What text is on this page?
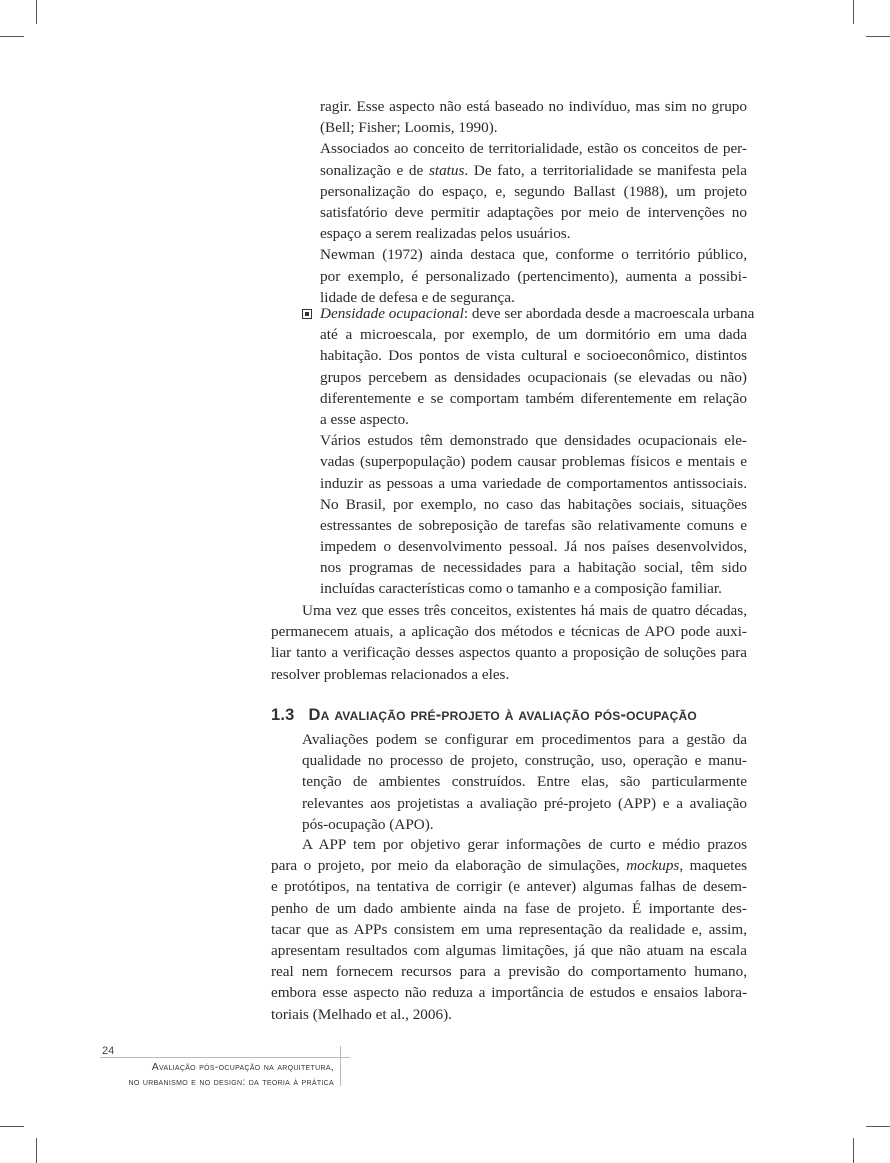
ragir. Esse aspecto não está baseado no indivíduo, mas sim no grupo
(Bell; Fisher; Loomis, 1990).
Associados ao conceito de territorialidade, estão os conceitos de per-
sonalização e de status. De fato, a territorialidade se manifesta pela
personalização do espaço, e, segundo Ballast (1988), um projeto
satisfatório deve permitir adaptações por meio de intervenções no
espaço a serem realizadas pelos usuários.
Newman (1972) ainda destaca que, conforme o território público,
por exemplo, é personalizado (pertencimento), aumenta a possibi-
lidade de defesa e de segurança.
Densidade ocupacional: deve ser abordada desde a macroescala urbana
até a microescala, por exemplo, de um dormitório em uma dada
habitação. Dos pontos de vista cultural e socioeconômico, distintos
grupos percebem as densidades ocupacionais (se elevadas ou não)
diferentemente e se comportam também diferentemente em relação
a esse aspecto.
Vários estudos têm demonstrado que densidades ocupacionais ele-
vadas (superpopulação) podem causar problemas físicos e mentais e
induzir as pessoas a uma variedade de comportamentos antissociais.
No Brasil, por exemplo, no caso das habitações sociais, situações
estressantes de sobreposição de tarefas são relativamente comuns e
impedem o desenvolvimento pessoal. Já nos países desenvolvidos,
nos programas de necessidades para a habitação social, têm sido
incluídas características como o tamanho e a composição familiar.
Uma vez que esses três conceitos, existentes há mais de quatro décadas,
permanecem atuais, a aplicação dos métodos e técnicas de APO pode auxi-
liar tanto a verificação desses aspectos quanto a proposição de soluções para
resolver problemas relacionados a eles.
1.3 Da avaliação pré-projeto à avaliação pós-ocupação
Avaliações podem se configurar em procedimentos para a gestão da
qualidade no processo de projeto, construção, uso, operação e manu-
tenção de ambientes construídos. Entre elas, são particularmente
relevantes aos projetistas a avaliação pré-projeto (APP) e a avaliação
pós-ocupação (APO).
A APP tem por objetivo gerar informações de curto e médio prazos
para o projeto, por meio da elaboração de simulações, mockups, maquetes
e protótipos, na tentativa de corrigir (e antever) algumas falhas de desem-
penho de um dado ambiente ainda na fase de projeto. É importante des-
tacar que as APPs consistem em uma representação da realidade e, assim,
apresentam resultados com algumas limitações, já que não atuam na escala
real nem fornecem recursos para a previsão do comportamento humano,
embora esse aspecto não reduza a importância de estudos e ensaios labora-
toriais (Melhado et al., 2006).
24
Avaliação pós-ocupação na arquitetura,
no urbanismo e no design: da teoria à prática
